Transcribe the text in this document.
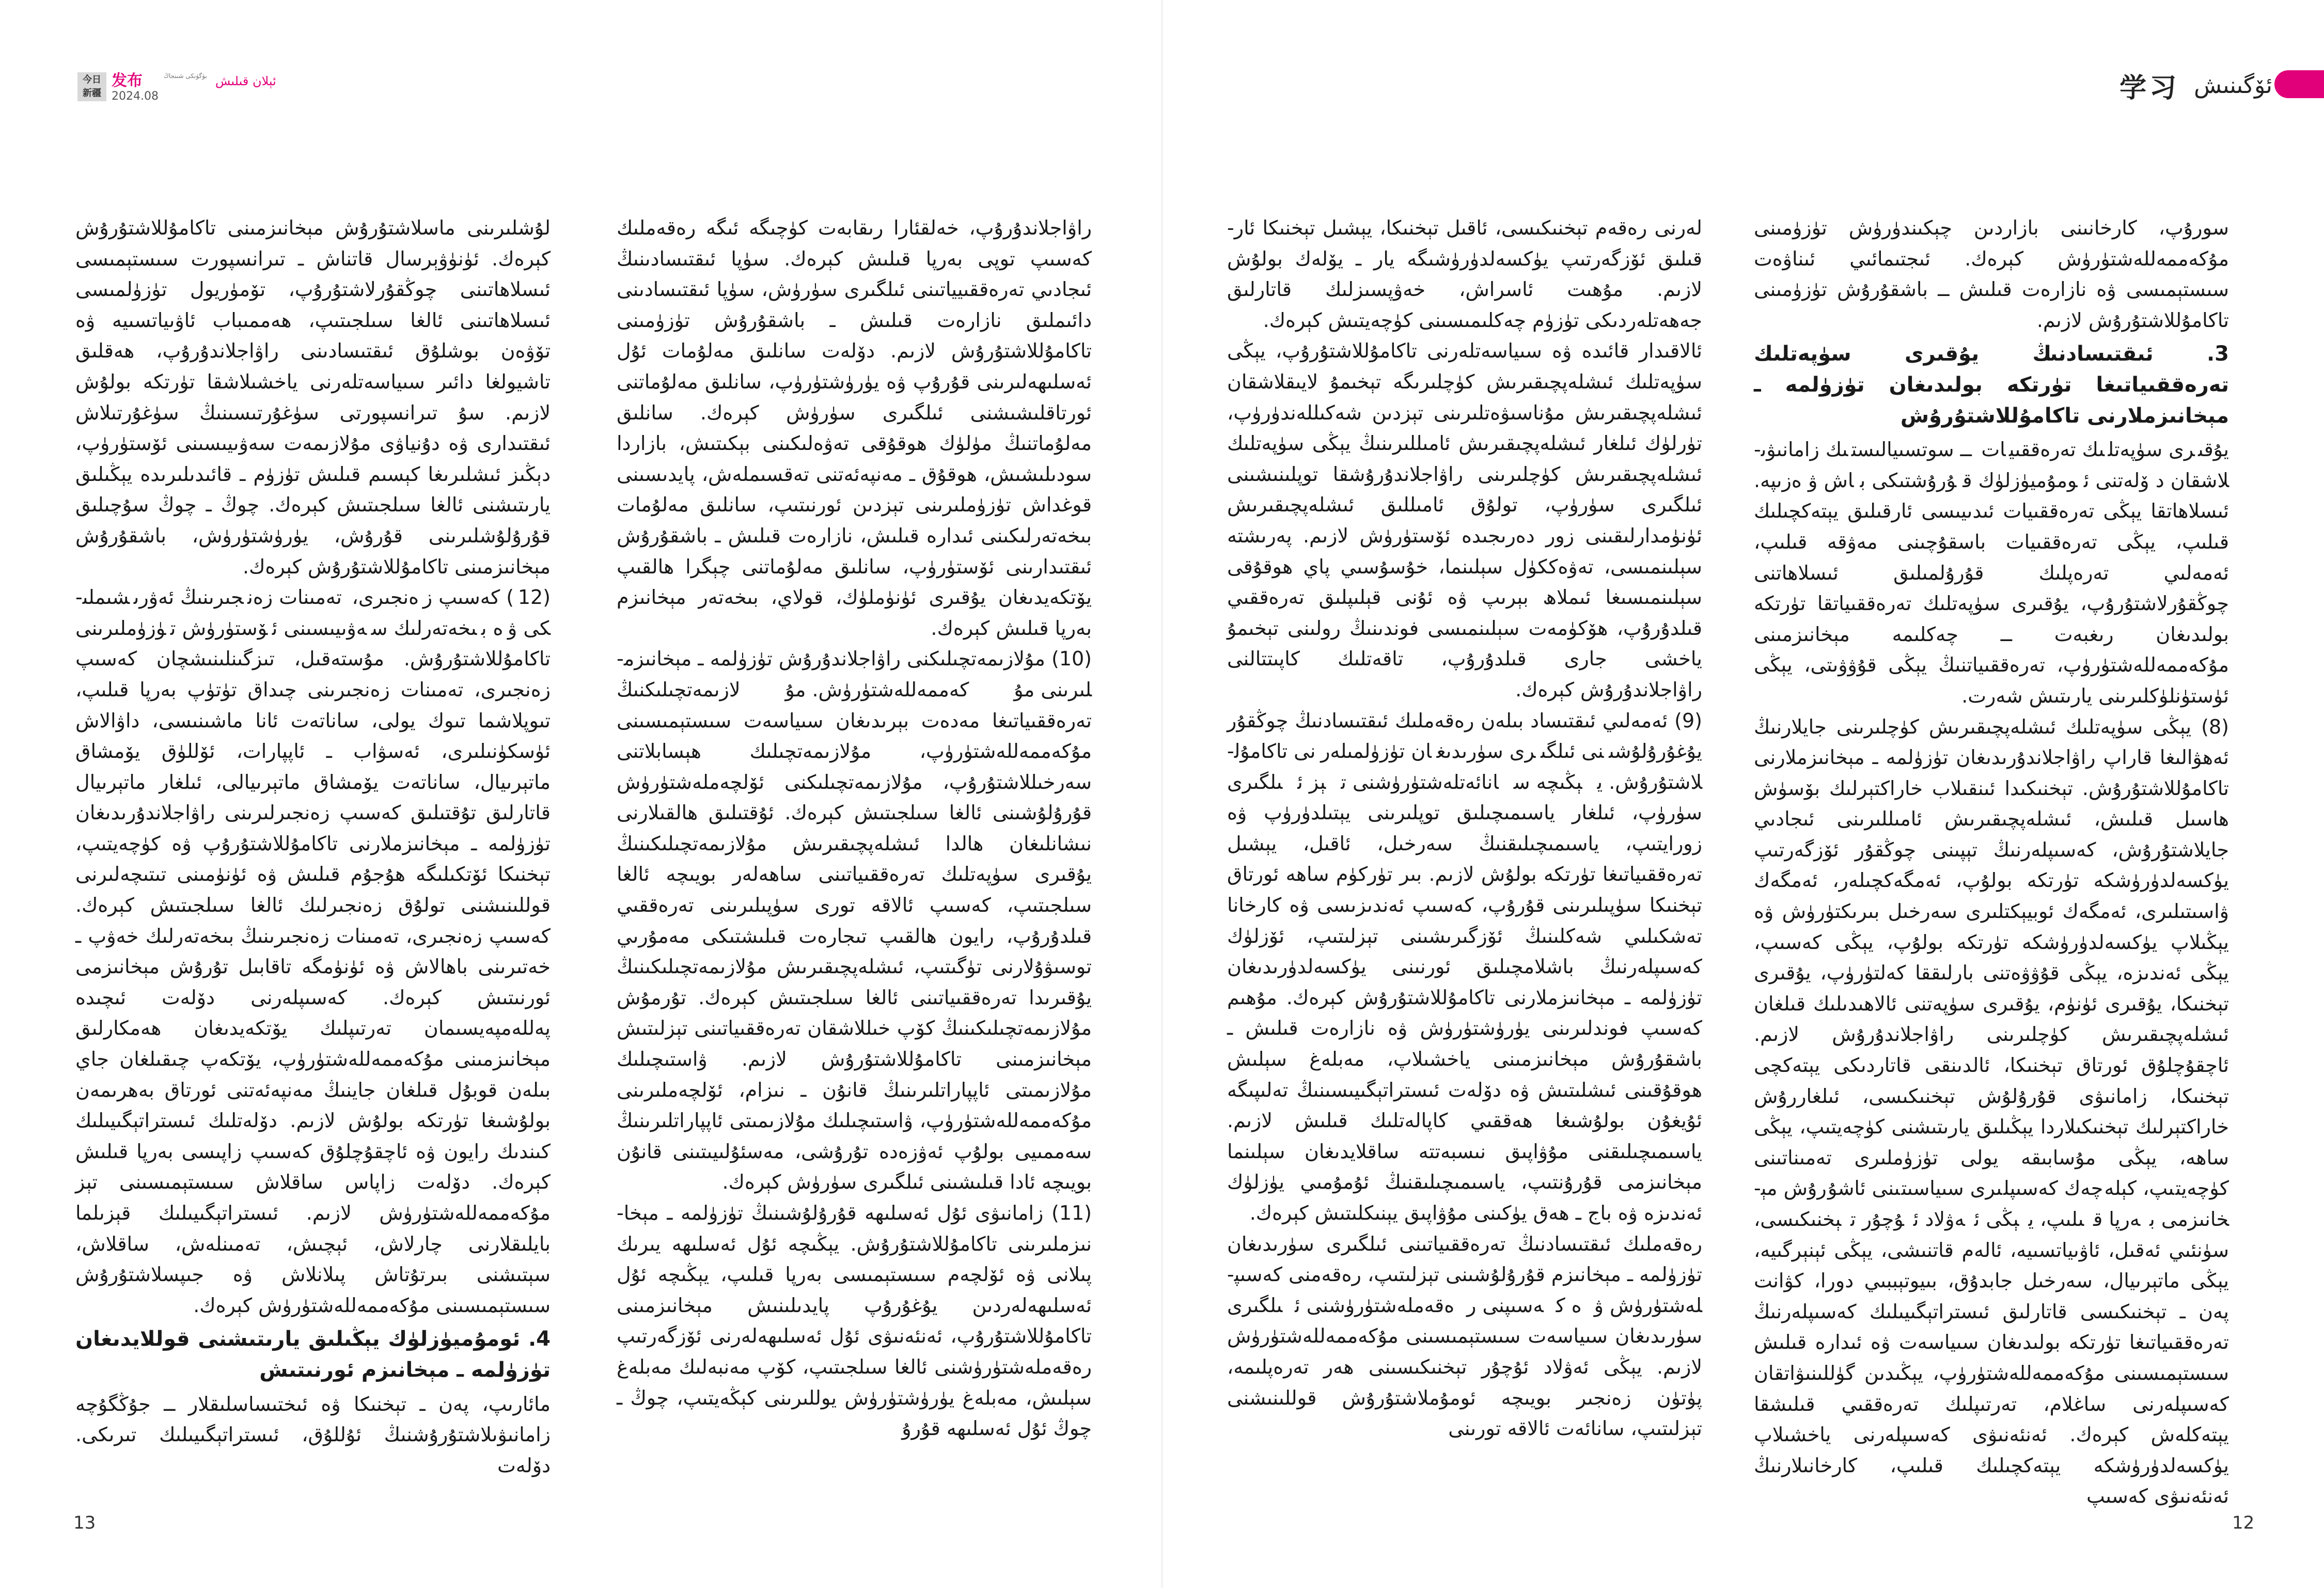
今日
新疆
发布
2024.08
بۈگۈنكى شىنجاڭ ئېلان قىلىش

لۇشلىرىنى ماسلاشتۇرۇش مېخانىزمىنى تاكامۇللاشتۇرۇش كېرەك. ئۈنۈۋېرسال قاتناش ـ تىرانسپورت سىستېمىسى ئىسلاھاتىنى چوڭقۇرلاشتۇرۇپ، تۆمۈريول تۈزۈلمىسى ئىسلاھاتىنى ئالغا سىلجىتىپ، ھەممىباب ئاۋىياتسىيە ۋە تۆۋەن بوشلۇق ئىقتىسادىنى راۋاجلاندۇرۇپ، ھەقلىق تاشيولغا دائىر سىياسەتلەرنى ياخشىلاشقا تۈرتكە بولۇش لازىم. سۇ تىرانسپورتى سۈغۇرتىسىنىڭ سۈغۇرتىلاش ئىقتىدارى ۋە دۇنياۋى مۇلازىمەت سەۋىيىسىنى ئۆستۈرۈپ، دېڭىز ئىشلىرىغا كېسىم قىلىش تۈزۈم ـ قائىدىلىرىدە يېڭىلىق يارىتىشنى ئالغا سىلجىتىش كېرەك. چوڭ ـ چوڭ سۇچىلىق قۇرۇلۇشلىرىنى قۇرۇش، يۈرۈشتۈرۈش، باشقۇرۇش مېخانىزمىنى تاكامۇللاشتۇرۇش كېرەك.

(12) كەسىپ زەنجىرى، تەمىنات زەنجىرىنىڭ ئەۋرىشىملىكى ۋە بىخەتەرلىك سەۋىيىسىنى ئۆستۈرۈش تۈزۈملىرىنى تاكامۇللاشتۇرۇش. مۇستەقىل، تىزگىنلىنىشچان كەسىپ زەنجىرى، تەمىنات زەنجىرىنى چىداق تۈتۈپ بەرپا قىلىپ، تىوپلاشما تىوك يولى، ساناتەت ئانا ماشىنىسى، داۋالاش ئۈسكۈنىلىرى، ئەسۋاب ـ ئاپپارات، ئۆللۈق يۆمشاق ماتېرىيال، ساناتەت يۆمشاق ماتېرىيالى، ئىلغار ماتېرىيال قاتارلىق تۇقتىلىق كەسىپ زەنجىرلىرىنى راۋاجلاندۇرىدىغان تۈزۈلمە ـ مېخانىزملارنى تاكامۇللاشتۇرۇپ ۋە كۈچەيتىپ، تېخنىكا ئۆتكىلىگە ھۇجۇم قىلىش ۋە ئۈنۈمىنى تىتىچەلىرنى قوللىنىشنى تولۇق زەنجىرلىك ئالغا سىلجىتىش كېرەك. كەسىپ زەنجىرى، تەمىنات زەنجىرىنىڭ بىخەتەرلىك خەۋپ ـ خەتىرىنى باھالاش ۋە ئۈنۈمگە تاقابىل تۇرۇش مېخانىزمى ئورنىتىش كېرەك. كەسىپلەرنى دۆلەت ئىچىدە پەللەمپەيسىمان تەرتىپلىك يۆتكەيدىغان ھەمكارلىق مېخانىزمىنى مۇكەممەللەشتۈرۈپ، يۆتكەپ چىقىلغان جاي بىلەن قوبۇل قىلغان جاينىڭ مەنپەئەتنى ئورتاق بەھرىمەن بولۇشىغا تۈرتكە بولۇش لازىم. دۆلەتلىك ئىستراتېگىيىلىك كىندىك رايون ۋە ئاچقۇچلۇق كەسىپ زاپىسى بەرپا قىلىش كېرەك. دۆلەت زاپاس ساقلاش سىستېمىسىنى تېز مۇكەممەللەشتۈرۈش لازىم. ئىستراتېگىيىلىك قېزىلما بايلىقلارنى چارلاش، ئېچىش، تەمىنلەش، ساقلاش، سېتىشنى بىرتۇتاش پىلانلاش ۋە جىپسلاشتۇرۇش سىستېمىسىنى مۇكەممەللەشتۈرۈش كېرەك.

4. ئومۇميۈزلۈك يېڭىلىق يارىتىشنى قوللايدىغان تۈزۈلمە ـ مېخانىزم ئورنىتىش

مائارىپ، پەن ـ تېخنىكا ۋە ئىختىساسلىقلار ــ جۇڭگۇچە زامانىۋىلاشتۇرۇشنىڭ ئۇللۇق، ئىستراتېگىيىلىك تىرىكى. دۆلەت

راۋاجلاندۇرۇپ، خەلقئارا رىقابەت كۈچىگە ئىگە رەقەملىك كەسىپ توپى بەرپا قىلىش كېرەك. سۈپا ئىقتىسادىنىڭ ئىجادىي تەرەققىيياتىنى ئىلگىرى سۈرۈش، سۈپا ئىقتىسادىنى دائىملىق نازارەت قىلىش ـ باشقۇرۇش تۈزۈمىنى تاكامۇللاشتۇرۇش لازىم. دۆلەت سانلىق مەلۇمات ئۇل ئەسلىھەلىرىنى قۇرۇپ ۋە يۈرۈشتۈرۈپ، سانلىق مەلۇماتنى ئورتاقلىشىشنى ئىلگىرى سۈرۈش كېرەك. سانلىق مەلۇماتنىڭ مۈلۈك ھوقۇقى تەۋەلىكىنى بېكىتىش، بازاردا سودىلىشىش، ھوقۇق ـ مەنپەئەتنى تەقسىملەش، پايدىسىنى قوغداش تۈزۈملىرىنى تېزدىن ئورنىتىپ، سانلىق مەلۇمات بىخەتەرلىكىنى ئىدارە قىلىش، نازارەت قىلىش ـ باشقۇرۇش ئىقتىدارىنى ئۆستۈرۈپ، سانلىق مەلۇماتنى چېگرا ھالقىپ يۆتكەيدىغان يۇقىرى ئۈنۈملۈك، قولاي، بىخەتەر مېخانىزم بەرپا قىلىش كېرەك.

(10) مۇلازىمەتچىلىكنى راۋاجلاندۇرۇش تۈزۈلمە ـ مېخانىزملىرىنى مۇكەممەللەشتۈرۈش. مۇلازىمەتچىلىكنىڭ تەرەققىياتىغا مەدەت بېرىدىغان سىياسەت سىستېمىسىنى مۇكەممەللەشتۈرۈپ، مۇلازىمەتچىلىك ھېسابلاتنى سەرخىللاشتۇرۇپ، مۇلازىمەتچىلىكنى ئۆلچەملەشتۈرۈش قۇرۇلۇشىنى ئالغا سىلجىتىش كېرەك. ئۇقتىلىق ھالقىلارنى نىشانلىغان ھالدا ئىشلەپچىقىرىش مۇلازىمەتچىلىكىنىڭ يۇقىرى سۈپەتلىك تەرەققىياتىنى ساھەلەر بويىچە ئالغا سىلجىتىپ، كەسىپ ئالاقە تورى سۈپىلىرىنى تەرەققىي قىلدۇرۇپ، رايون ھالقىپ تىجارەت قىلىشتىكى مەمۇرىي توسىۋۇلارنى تۈگىتىپ، ئىشلەپچىقىرىش مۇلازىمەتچىلىكىنىڭ يۇقىرىدا تەرەققىياتىنى ئالغا سىلجىتىش كېرەك. تۇرمۇش مۇلازىمەتچىلىكىنىڭ كۆپ خىللاشقان تەرەققىياتىنى تېزلىتىش مېخانىزمىنى تاكامۇللاشتۇرۇش لازىم. ۋاستىچىلىك مۇلازىمىتى ئاپپاراتلىرىنىڭ قانۇن ـ نىزام، ئۆلچەملىرىنى مۇكەممەللەشتۈرۈپ، ۋاستىچىلىك مۇلازىمىتى ئاپپاراتلىرىنىڭ سەممىيى بولۇپ ئەۋزەدە تۇرۇشى، مەسئۇلىيىتىنى قانۇن بويىچە ئادا قىلىشىنى ئىلگىرى سۈرۈش كېرەك.

(11) زامانىۋى ئۇل ئەسلىھە قۇرۇلۇشىنىڭ تۈزۈلمە ـ مېخانىزملىرىنى تاكامۇللاشتۇرۇش. يېڭىچە ئۇل ئەسلىھە يىرىك پىلانى ۋە ئۆلچەم سىستېمىسى بەرپا قىلىپ، يېڭىچە ئۇل ئەسلىھەلەردىن يۇغۇرۇپ پايدىلىنىش مېخانىزمىنى تاكامۇللاشتۇرۇپ، ئەنئەنىۋى ئۇل ئەسلىھەلەرنى ئۆزگەرتىپ رەقەملەشتۈرۈشنى ئالغا سىلجىتىپ، كۆپ مەنبەلىك مەبلەغ سېلىش، مەبلەغ يۈرۈشتۈرۈش يوللىرىنى كېڭەيتىپ، چوڭ ـ چوڭ ئۇل ئەسلىھە قۇرۇ

13

لەرنى رەقەم تېخنىكىسى، ئاقىل تېخنىكا، يېشىل تېخنىكا ئارقىلىق ئۆزگەرتىپ يۈكسەلدۈرۈشىگە يار ـ يۆلەك بولۇش لازىم. مۇھىت ئاسراش، خەۋپسىزلىك قاتارلىق جەھەتلەردىكى تۈزۈم چەكلىمىسىنى كۈچەيتىش كېرەك.

ئالاقىدار قائىدە ۋە سىياسەتلەرنى تاكامۇللاشتۇرۇپ، يېڭى سۈپەتلىك ئىشلەپچىقىرىش كۈچلىرىگە تېخىمۇ لايىقلاشقان ئىشلەپچىقىرىش مۇناسىۋەتلىرىنى تېزدىن شەكىللەندۈرۈپ، تۈرلۈك ئىلغار ئىشلەپچىقىرىش ئامىللىرىنىڭ يېڭى سۈپەتلىك ئىشلەپچىقىرىش كۈچلىرىنى راۋاجلاندۇرۇشقا توپلىنىشىنى ئىلگىرى سۈرۈپ، تولۇق ئامىللىق ئىشلەپچىقىرىش ئۈنۈمدارلىقىنى زور دەرىجىدە ئۆستۈرۈش لازىم. پەرىشتە سېلىنمىسى، تەۋەككۈل سېلىنما، خۇسۇسىي پاي ھوقۇقى سېلىنمىسىغا ئىملاھ بېرىپ ۋە ئۇنى قېلىپلىق تەرەققىي قىلدۇرۇپ، ھۆكۈمەت سېلىنمىسى فوندىنىڭ رولىنى تېخىمۇ ياخشى جارى قىلدۇرۇپ، تاقەتلىك كاپىتتالنى راۋاجلاندۇرۇش كېرەك.

(9) ئەمەلىي ئىقتىساد بىلەن رەقەملىك ئىقتىسادنىڭ چوڭقۇر يۇغۇرۇلۇشىنى ئىلگىرى سۈرىدىغان تۈزۈلمىلەرنى تاكامۇللاشتۇرۇش. يېڭىچە سانائەتلەشتۈرۈشنى تېز ئىلگىرى سۈرۈپ، ئىلغار ياسىمىچىلىق توپلىرىنى يېتىلدۈرۈپ ۋە زورايتىپ، ياسىمىچىلىقنىڭ سەرخىل، ئاقىل، يېشىل تەرەققىياتىغا تۈرتكە بولۇش لازىم. بىر تۈركۈم ساھە ئورتاق تېخنىكا سۈپىلىرىنى قۇرۇپ، كەسىپ ئەندىزىسى ۋە كارخانا تەشكىلىي شەكلىنىڭ ئۆزگىرىشىنى تېزلىتىپ، ئۆزلۈك كەسىپلەرنىڭ باشلامچىلىق ئورنىنى يۈكسەلدۈرىدىغان تۈزۈلمە ـ مېخانىزملارنى تاكامۇللاشتۇرۇش كېرەك. مۇھىم كەسىپ فوندلىرىنى يۈرۈشتۈرۈش ۋە نازارەت قىلىش ـ باشقۇرۇش مېخانىزمىنى ياخشىلاپ، مەبلەغ سېلىش ھوقۇقىنى ئىشلىتىش ۋە دۆلەت ئىستراتېگىيىسىنىڭ تەلىپىگە ئۇيغۇن بولۇشىغا ھەققىي كاپالەتلىك قىلىش لازىم. ياسىمىچىلىقنى مۇۋاپىق نىسبەتتە ساقلايدىغان سېلىنما مېخانىزمى قۇرۇنتىپ، ياسىمىچىلىقنىڭ ئۇمۇمىي يۈزلۈك ئەندىزە ۋە باج ـ ھەق يۈكىنى مۇۋاپىق يېنىكلىتىش كېرەك.

رەقەملىك ئىقتىسادنىڭ تەرەققىياتىنى ئىلگىرى سۈرىدىغان تۈزۈلمە ـ مېخانىزم قۇرۇلۇشىنى تېزلىتىپ، رەقەمنى كەسىپلەشتۈرۈش ۋە كەسىپنى رەقەملەشتۈرۈشنى ئىلگىرى سۈرىدىغان سىياسەت سىستېمىسىنى مۇكەممەللەشتۈرۈش لازىم. يېڭى ئەۋلاد ئۇچۇر تېخنىكىسىنى ھەر تەرەپلىمە، پۈتۈن زەنجىر بويىچە ئومۇملاشتۇرۇش قوللىنىشنى تېزلىتىپ، سانائەت ئالاقە تورىنى

سورۇپ، كارخانىنى بازاردىن چېكىندۈرۈش تۈزۈمىنى مۇكەممەللەشتۈرۈش كېرەك. ئىجتىمائىي ئىناۋەت سىستېمىسى ۋە نازارەت قىلىش ــ باشقۇرۇش تۈزۈمىنى تاكامۇللاشتۇرۇش لازىم.

3. ئىقتىسادنىڭ يۇقىرى سۈپەتلىك تەرەققىياتىغا تۈرتكە بولىدىغان تۈزۈلمە ـ مېخانىزملارنى تاكامۇللاشتۇرۇش

يۇقىرى سۈپەتلىك تەرەققىيات ــ سوتسىيالىستىك زامانىۋىلاشقان دۆلەتنى ئومۇميۈزلۈك قۇرۇشتىكى باش ۋەزىپە. ئىسلاھاتقا يېڭى تەرەققىيات ئىدىيىسى ئارقىلىق يېتەكچىلىك قىلىپ، يېڭى تەرەققىيات باسقۇچىنى مەۋقە قىلىپ، ئەمەلىي تەرەپلىك قۇرۇلمىلىق ئىسلاھاتنى چوڭقۇرلاشتۇرۇپ، يۇقىرى سۈپەتلىك تەرەققىياتقا تۈرتكە بولىدىغان رىغبەت ــ چەكلىمە مېخانىزمىنى مۇكەممەللەشتۈرۈپ، تەرەققىياتنىڭ يېڭى قۇۋۋىتى، يېڭى ئۈستۈنلۈكلىرىنى يارىتىش شەرت.

(8) يېڭى سۈپەتلىك ئىشلەپچىقىرىش كۈچلىرىنى جايلارنىڭ ئەھۋالىغا قاراپ راۋاجلاندۇرىدىغان تۈزۈلمە ـ مېخانىزملارنى تاكامۇللاشتۇرۇش. تېخنىكىدا ئىنقىلاب خاراكتېرلىك بۆسۈش ھاسىل قىلىش، ئىشلەپچىقىرىش ئامىللىرىنى ئىجادىي جايلاشتۇرۇش، كەسىپلەرنىڭ تېپىنى چوڭقۇر ئۆزگەرتىپ يۈكسەلدۈرۈشكە تۈرتكە بولۇپ، ئەمگەكچىلەر، ئەمگەك ۋاسىتىلىرى، ئەمگەك ئوبيېكتلىرى سەرخىل بىرىكتۈرۈش ۋە يېڭىلاپ يۈكسەلدۈرۈشكە تۈرتكە بولۇپ، يېڭى كەسىپ، يېڭى ئەندىزە، يېڭى قۇۋۋەتنى بارلىققا كەلتۈرۈپ، يۇقىرى تېخنىكا، يۇقىرى ئۈنۈم، يۇقىرى سۈپەتنى ئالاھىدىلىك قىلغان ئىشلەپچىقىرىش كۈچلىرىنى راۋاجلاندۇرۇش لازىم. ئاچقۇچلۇق ئورتاق تېخنىكا، ئالدىنقى قاتاردىكى يېتەكچى تېخنىكا، زامانىۋى قۇرۇلۇش تېخنىكىسى، ئىلغاررۇش خاراكتېرلىك تېخنىكىلاردا يېڭىلىق يارىتىشنى كۈچەيتىپ، يېڭى ساھە، يېڭى مۇسابىقە يولى تۈزۈملىرى تەمىناتىنى كۈچەيتىپ، كېلەچەك كەسىپلىرى سىياسىتىنى ئاشۇرۇش مېخانىزمى بەرپا قىلىپ، يېڭى ئەۋلاد ئۇچۇر تېخنىكىسى، سۈنئىي ئەقىل، ئاۋىياتسىيە، ئالەم قاتنىشى، يېڭى ئېنېرگىيە، يېڭى ماتېرىيال، سەرخىل جابدۇق، بىيوتېببىي دورا، كۋانت پەن ـ تېخنىكىسى قاتارلىق ئىستراتېگىيىلىك كەسىپلەرنىڭ تەرەققىياتىغا تۈرتكە بولىدىغان سىياسەت ۋە ئىدارە قىلىش سىستېمىسىنى مۇكەممەللەشتۈرۈپ، يېڭىدىن گۈللىنىۋاتقان كەسىپلەرنى ساغلام، تەرتىپلىك تەرەققىي قىلىشقا يېتەكلەش كېرەك. ئەنئەنىۋى كەسىپلەرنى ياخشىلاپ يۈكسەلدۈرۈشكە يېتەكچىلىك قىلىپ، كارخانىلارنىڭ ئەنئەنىۋى كەسىپ

12
学习 ئۆگىنىش
